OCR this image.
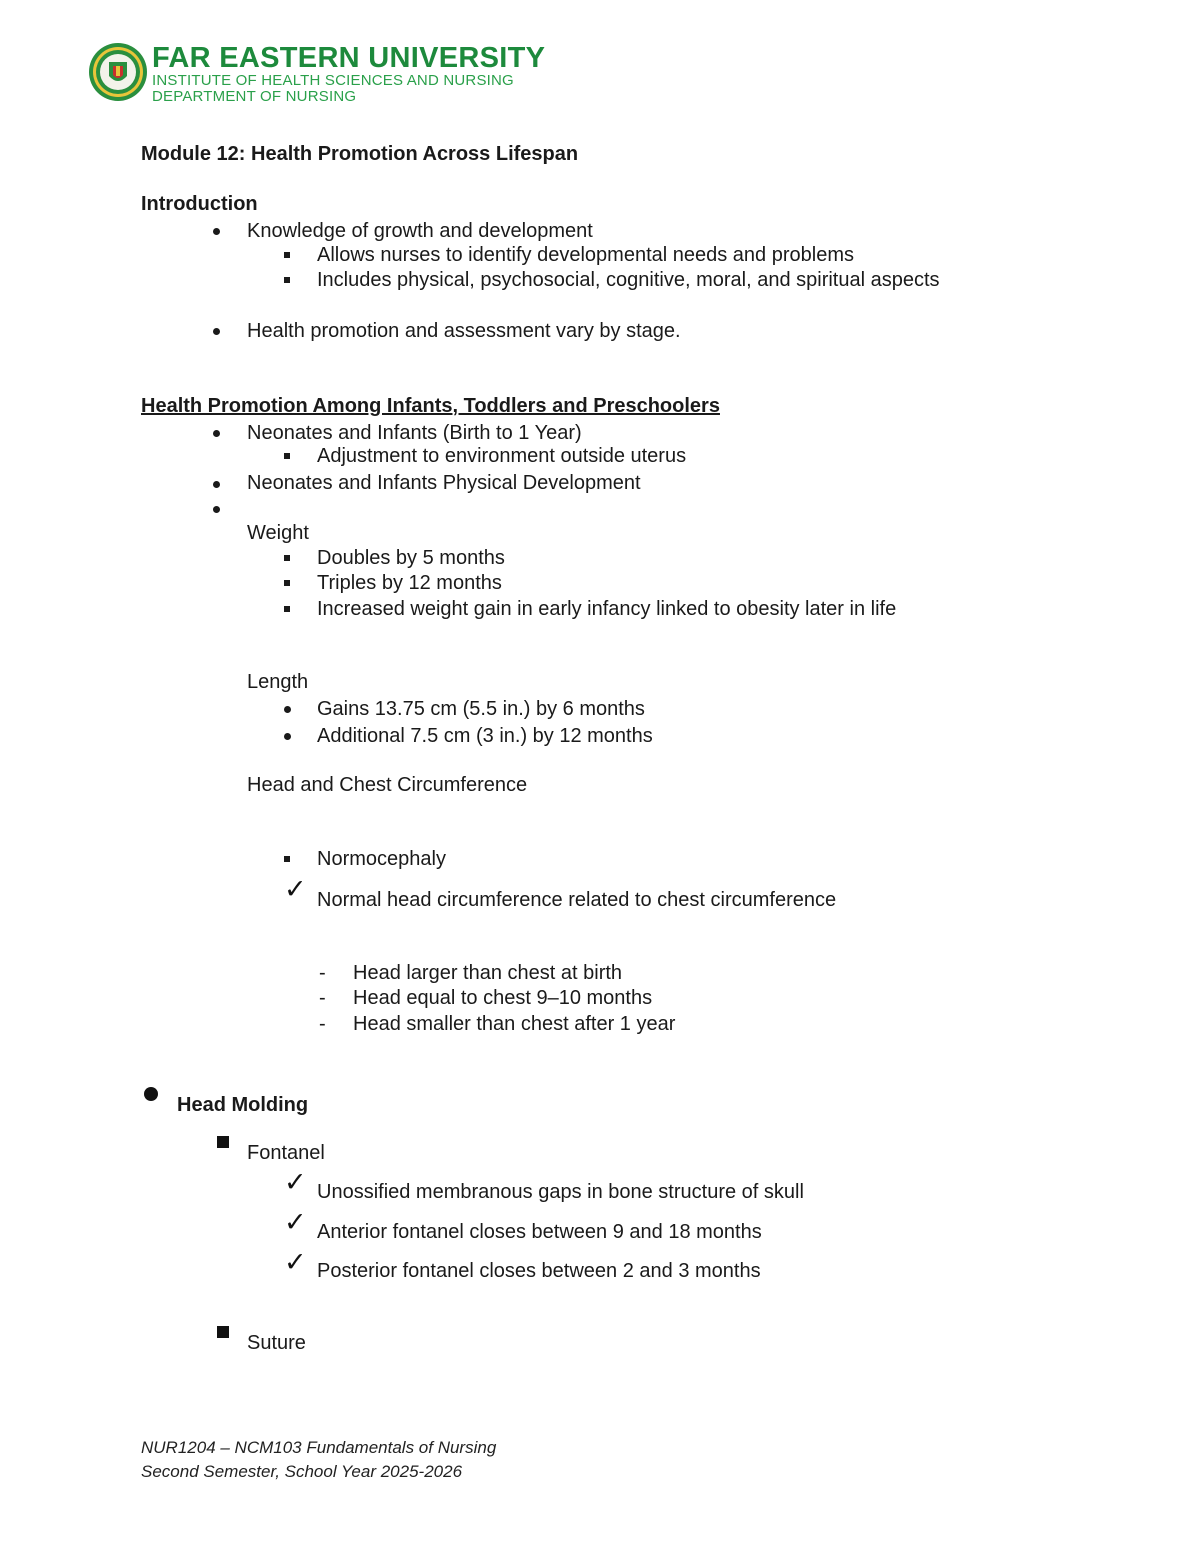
FAR EASTERN UNIVERSITY
INSTITUTE OF HEALTH SCIENCES AND NURSING
DEPARTMENT OF NURSING
Module 12: Health Promotion Across Lifespan
Introduction
Knowledge of growth and development
Allows nurses to identify developmental needs and problems
Includes physical, psychosocial, cognitive, moral, and spiritual aspects
Health promotion and assessment vary by stage.
Health Promotion Among Infants, Toddlers and Preschoolers
Neonates and Infants (Birth to 1 Year)
Adjustment to environment outside uterus
Neonates and Infants Physical Development
Weight
Doubles by 5 months
Triples by 12 months
Increased weight gain in early infancy linked to obesity later in life
Length
Gains 13.75 cm (5.5 in.) by 6 months
Additional 7.5 cm (3 in.) by 12 months
Head and Chest Circumference
Normocephaly
✓ Normal head circumference related to chest circumference
- Head larger than chest at birth
- Head equal to chest 9–10 months
- Head smaller than chest after 1 year
Head Molding
Fontanel
✓ Unossified membranous gaps in bone structure of skull
✓ Anterior fontanel closes between 9 and 18 months
✓ Posterior fontanel closes between 2 and 3 months
Suture
NUR1204 – NCM103 Fundamentals of Nursing
Second Semester, School Year 2025-2026
